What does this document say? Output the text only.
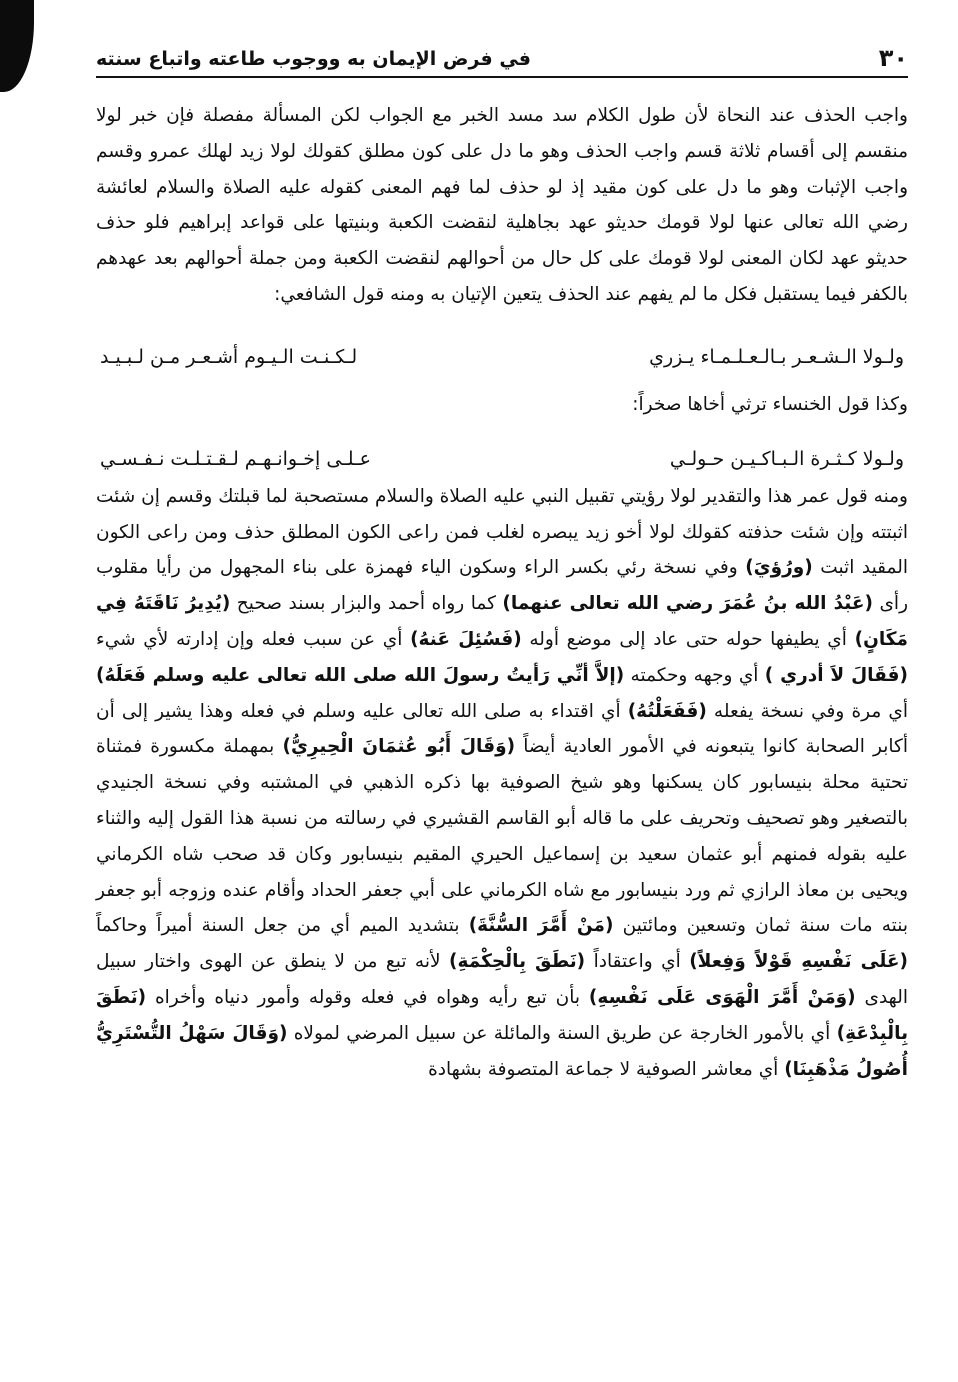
٣٠
في فرض الإيمان به ووجوب طاعته واتباع سنته

واجب الحذف عند النحاة لأن طول الكلام سد مسد الخبر مع الجواب لكن المسألة مفصلة فإن خبر لولا منقسم إلى أقسام ثلاثة قسم واجب الحذف وهو ما دل على كون مطلق كقولك لولا زيد لهلك عمرو وقسم واجب الإثبات وهو ما دل على كون مقيد إذ لو حذف لما فهم المعنى كقوله عليه الصلاة والسلام لعائشة رضي الله تعالى عنها لولا قومك حديثو عهد بجاهلية لنقضت الكعبة وبنيتها على قواعد إبراهيم فلو حذف حديثو عهد لكان المعنى لولا قومك على كل حال من أحوالهم لنقضت الكعبة ومن جملة أحوالهم بعد عهدهم بالكفر فيما يستقبل فكل ما لم يفهم عند الحذف يتعين الإتيان به ومنه قول الشافعي:

ولـولا الـشـعـر بـالـعـلـمـاء يـزري
لـكـنـت الـيـوم أشـعـر مـن لـبـيـد
وكذا قول الخنساء ترثي أخاها صخراً:
ولـولا كـثـرة الـبـاكـيـن حـولـي
عـلـى إخـوانـهـم لـقـتـلـت نـفـسـي

ومنه قول عمر هذا والتقدير لولا رؤيتي تقبيل النبي عليه الصلاة والسلام مستصحبة لما قبلتك وقسم إن شئت اثبتته وإن شئت حذفته كقولك لولا أخو زيد يبصره لغلب فمن راعى الكون المطلق حذف ومن راعى الكون المقيد اثبت (ورُؤيَ) وفي نسخة رئي بكسر الراء وسكون الياء فهمزة على بناء المجهول من رأيا مقلوب رأى (عَبْدُ الله بنُ عُمَرَ رضي الله تعالى عنهما) كما رواه أحمد والبزار بسند صحيح (يُدِيرُ نَاقَتَهُ فِي مَكَانٍ) أي يطيفها حوله حتى عاد إلى موضع أوله (فَسُئِلَ عَنهُ) أي عن سبب فعله وإن إدارته لأي شيء (فَقَالَ لاَ أدري ) أي وجهه وحكمته (إلاَّ أنِّي رَأيتُ رسولَ الله صلى الله تعالى عليه وسلم فَعَلَهُ) أي مرة وفي نسخة يفعله (فَفَعَلْتُهُ) أي اقتداء به صلى الله تعالى عليه وسلم في فعله وهذا يشير إلى أن أكابر الصحابة كانوا يتبعونه في الأمور العادية أيضاً (وَقَالَ أَبُو عُثمَانَ الْحِيرِيُّ) بمهملة مكسورة فمثناة تحتية محلة بنيسابور كان يسكنها وهو شيخ الصوفية بها ذكره الذهبي في المشتبه وفي نسخة الجنيدي بالتصغير وهو تصحيف وتحريف على ما قاله أبو القاسم القشيري في رسالته من نسبة هذا القول إليه والثناء عليه بقوله فمنهم أبو عثمان سعيد بن إسماعيل الحيري المقيم بنيسابور وكان قد صحب شاه الكرماني ويحيى بن معاذ الرازي ثم ورد بنيسابور مع شاه الكرماني على أبي جعفر الحداد وأقام عنده وزوجه أبو جعفر بنته مات سنة ثمان وتسعين ومائتين (مَنْ أَمَّرَ السُّنَّةَ) بتشديد الميم أي من جعل السنة أميراً وحاكماً (عَلَى نَفْسِهِ قَوْلاً وَفِعلاً) أي واعتقاداً (نَطَقَ بِالْحِكْمَةِ) لأنه تبع من لا ينطق عن الهوى واختار سبيل الهدى (وَمَنْ أَمَّرَ الْهَوَى عَلَى نَفْسِهِ) بأن تبع رأيه وهواه في فعله وقوله وأمور دنياه وأخراه (نَطَقَ بِالْبِدْعَةِ) أي بالأمور الخارجة عن طريق السنة والمائلة عن سبيل المرضي لمولاه (وَقَالَ سَهْلُ التُّسْتَرِيُّ أُصُولُ مَذْهَبِنَا) أي معاشر الصوفية لا جماعة المتصوفة بشهادة
